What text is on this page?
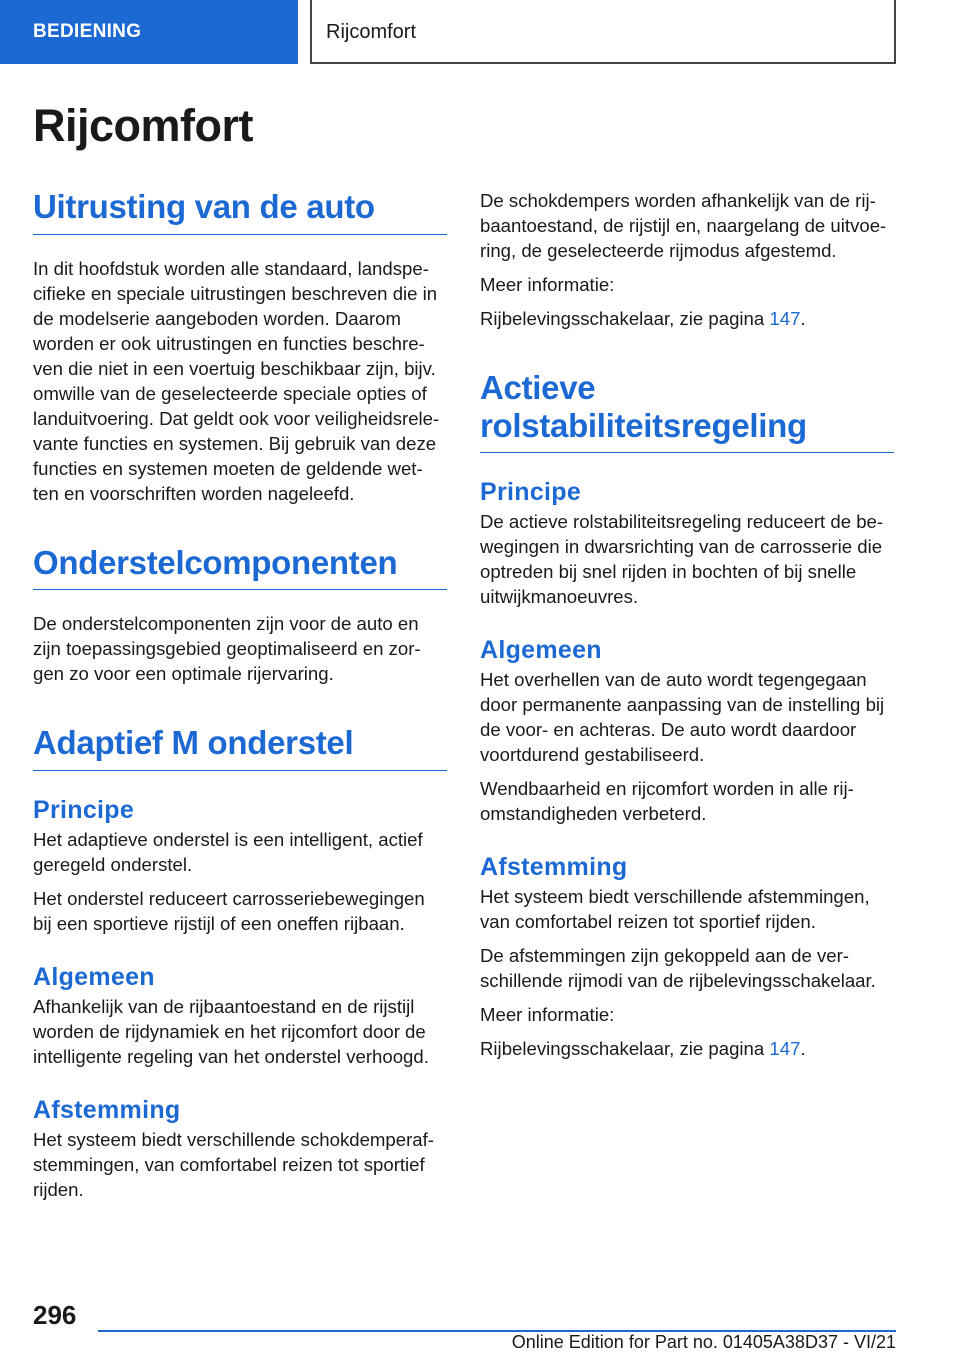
BEDIENING	Rijcomfort
Rijcomfort
Uitrusting van de auto

In dit hoofdstuk worden alle standaard, landspe-
cifieke en speciale uitrustingen beschreven die in
de modelserie aangeboden worden. Daarom
worden er ook uitrustingen en functies beschre-
ven die niet in een voertuig beschikbaar zijn, bijv.
omwille van de geselecteerde speciale opties of
landuitvoering. Dat geldt ook voor veiligheidsrele-
vante functies en systemen. Bij gebruik van deze
functies en systemen moeten de geldende wet-
ten en voorschriften worden nageleefd.

Onderstelcomponenten

De onderstelcomponenten zijn voor de auto en
zijn toepassingsgebied geoptimaliseerd en zor-
gen zo voor een optimale rijervaring.

Adaptief M onderstel
Principe

Het adaptieve onderstel is een intelligent, actief
geregeld onderstel.

Het onderstel reduceert carrosseriebewegingen
bij een sportieve rijstijl of een oneffen rijbaan.

Algemeen

Afhankelijk van de rijbaantoestand en de rijstijl
worden de rijdynamiek en het rijcomfort door de
intelligente regeling van het onderstel verhoogd.

Afstemming

Het systeem biedt verschillende schokdemperaf-
stemmingen, van comfortabel reizen tot sportief
rijden.

De schokdempers worden afhankelijk van de rij-
baantoestand, de rijstijl en, naargelang de uitvoe-
ring, de geselecteerde rijmodus afgestemd.

Meer informatie:

Rijbelevingsschakelaar, zie pagina 147.

Actieve
rolstabiliteitsregeling
Principe

De actieve rolstabiliteitsregeling reduceert de be-
wegingen in dwarsrichting van de carrosserie die
optreden bij snel rijden in bochten of bij snelle
uitwijkmanoeuvres.

Algemeen

Het overhellen van de auto wordt tegengegaan
door permanente aanpassing van de instelling bij
de voor- en achteras. De auto wordt daardoor
voortdurend gestabiliseerd.

Wendbaarheid en rijcomfort worden in alle rij-
omstandigheden verbeterd.

Afstemming

Het systeem biedt verschillende afstemmingen,
van comfortabel reizen tot sportief rijden.

De afstemmingen zijn gekoppeld aan de ver-
schillende rijmodi van de rijbelevingsschakelaar.

Meer informatie:

Rijbelevingsschakelaar, zie pagina 147.

296
Online Edition for Part no. 01405A38D37 - VI/21
